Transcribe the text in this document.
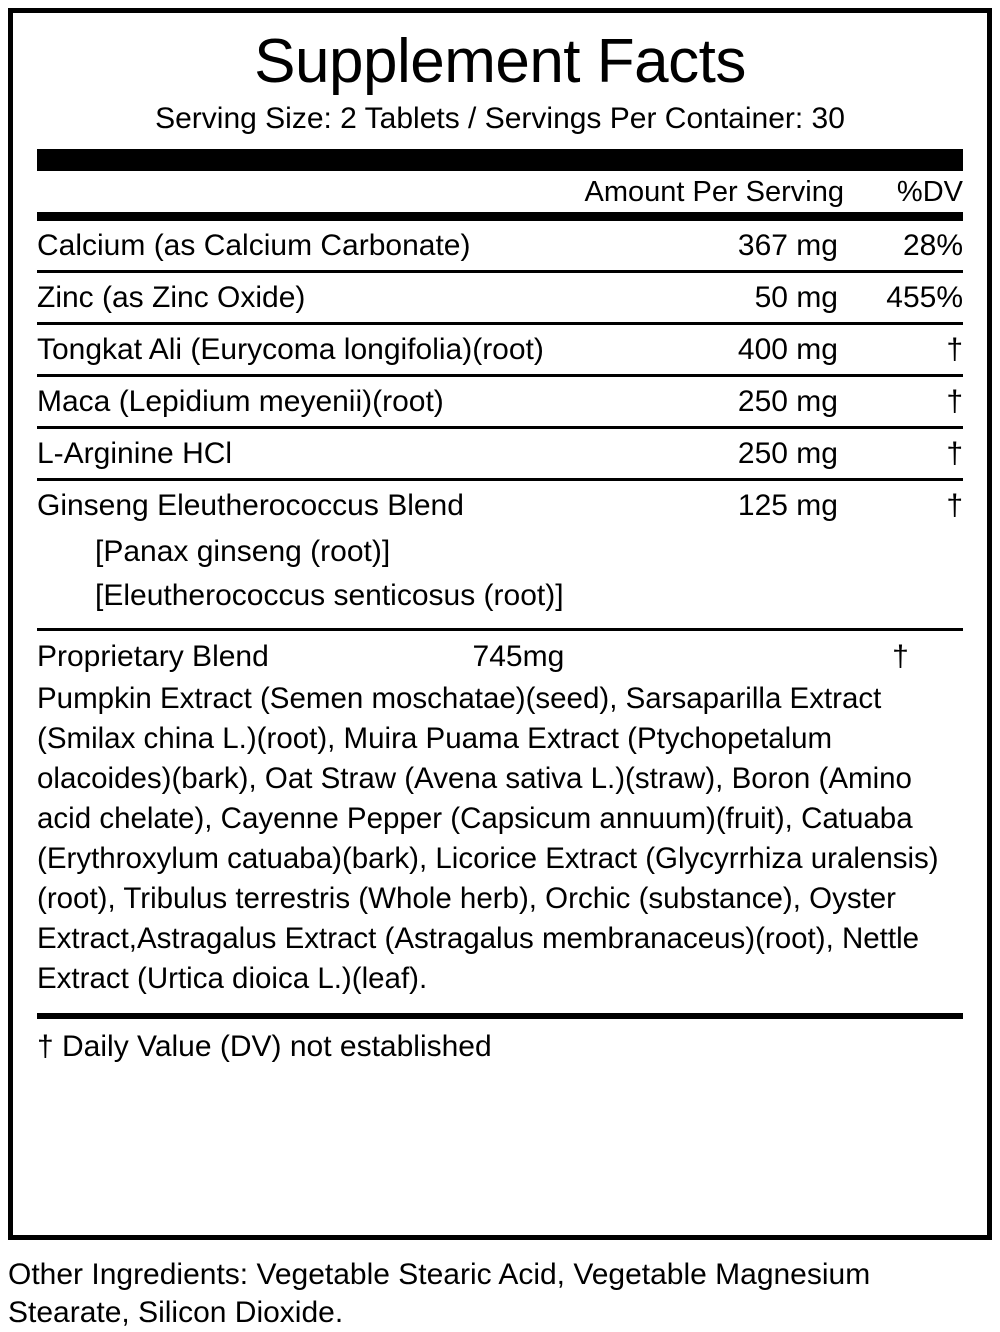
Supplement Facts
Serving Size: 2 Tablets / Servings Per Container: 30
Amount Per Serving	%DV
Calcium (as Calcium Carbonate)	367 mg	28%
Zinc (as Zinc Oxide)	50 mg	455%
Tongkat Ali (Eurycoma longifolia)(root)	400 mg	†
Maca (Lepidium meyenii)(root)	250 mg	†
L-Arginine HCl	250 mg	†
Ginseng Eleutherococcus Blend	125 mg	†
[Panax ginseng (root)]
[Eleutherococcus senticosus (root)]
Proprietary Blend	745mg	†
Pumpkin Extract (Semen moschatae)(seed), Sarsaparilla Extract (Smilax china L.)(root), Muira Puama Extract (Ptychopetalum olacoides)(bark), Oat Straw (Avena sativa L.)(straw), Boron (Amino acid chelate), Cayenne Pepper (Capsicum annuum)(fruit), Catuaba (Erythroxylum catuaba)(bark), Licorice Extract (Glycyrrhiza uralensis)(root), Tribulus terrestris (Whole herb), Orchic (substance), Oyster Extract,Astragalus Extract (Astragalus membranaceus)(root), Nettle Extract (Urtica dioica L.)(leaf).
† Daily Value (DV) not established
Other Ingredients: Vegetable Stearic Acid, Vegetable Magnesium Stearate, Silicon Dioxide.
